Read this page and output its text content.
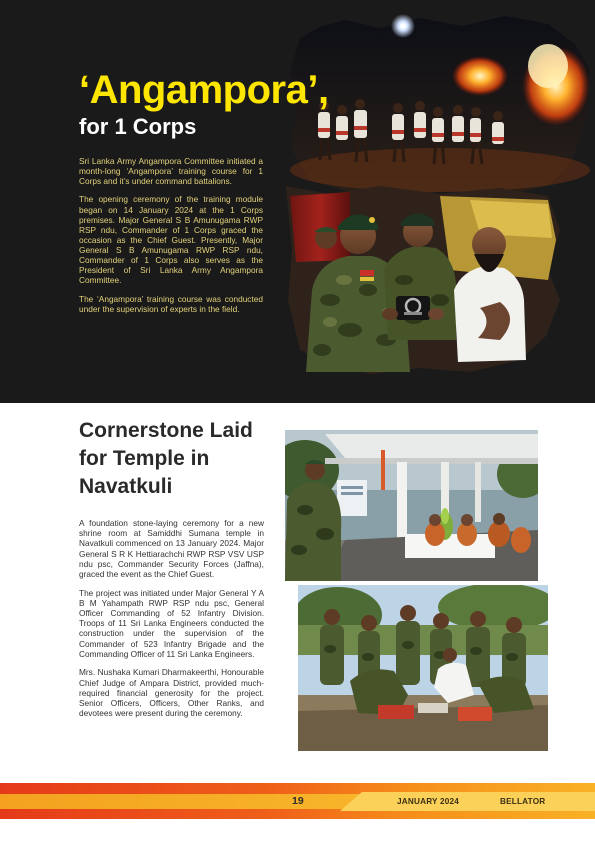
‘Angampora’,
for 1 Corps

Sri Lanka Army Angampora Committee initiated a month-long ‘Angampora’ training course for 1 Corps and it’s under command battalions.

The opening ceremony of the training module began on 14 January 2024 at the 1 Corps premises. Major General S B Amunugama RWP RSP ndu, Commander of 1 Corps graced the occasion as the Chief Guest. Presently, Major General S B Amunugama RWP RSP ndu, Commander of 1 Corps also serves as the President of Sri Lanka Army Angampora Committee.

The ‘Angampora’ training course was conducted under the supervision of experts in the field.

Cornerstone Laid for Temple in Navatkuli

A foundation stone-laying ceremony for a new shrine room at Samiddhi Sumana temple in Navatkuli commenced on 13 January 2024. Major General S R K Hettiarachchi RWP RSP VSV USP ndu psc, Commander Security Forces (Jaffna), graced the event as the Chief Guest.

The project was initiated under Major General Y A B M Yahampath RWP RSP ndu psc, General Officer Commanding of 52 Infantry Division. Troops of 11 Sri Lanka Engineers conducted the construction under the supervision of the Commander of 523 Infantry Brigade and the Commanding Officer of 11 Sri Lanka Engineers.

Mrs. Nushaka Kumari Dharmakeerthi, Honourable Chief Judge of Ampara District, provided much-required financial generosity for the project. Senior Officers, Officers, Other Ranks, and devotees were present during the ceremony.

19	JANUARY 2024	BELLATOR
